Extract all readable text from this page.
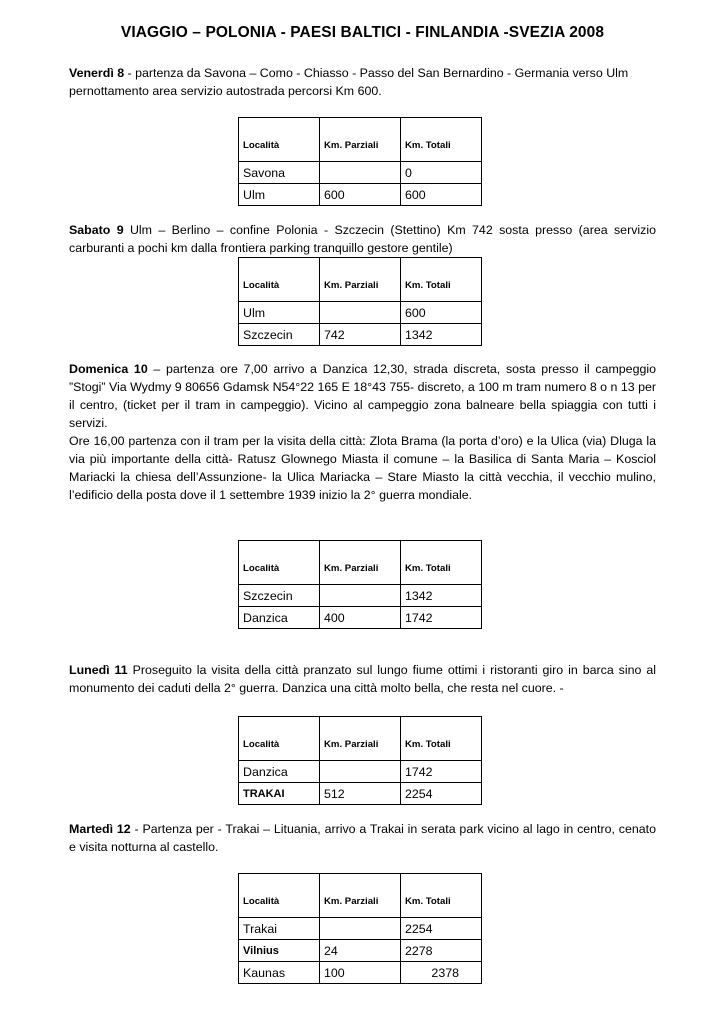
VIAGGIO – POLONIA - PAESI BALTICI - FINLANDIA -SVEZIA 2008
Venerdì 8 - partenza da Savona – Como - Chiasso - Passo del San Bernardino - Germania verso Ulm pernottamento area servizio autostrada percorsi Km 600.
Località	Km. Parziali	Km. Totali
Savona		0
Ulm	600	600
Sabato 9 Ulm – Berlino – confine Polonia - Szczecin (Stettino) Km 742 sosta presso (area servizio carburanti a pochi km dalla frontiera parking tranquillo gestore gentile)
Località	Km. Parziali	Km. Totali
Ulm		600
Szczecin	742	1342
Domenica 10 – partenza ore 7,00 arrivo a Danzica 12,30, strada discreta, sosta presso il campeggio ”Stogi” Via Wydmy 9 80656 Gdamsk N54°22 165 E 18°43 755- discreto, a 100 m tram numero 8 o n 13 per il centro, (ticket per il tram in campeggio). Vicino al campeggio zona balneare bella spiaggia con tutti i servizi.
Ore 16,00 partenza con il tram per la visita della città: Zlota Brama (la porta d’oro) e la Ulica (via) Dluga la via più importante della città- Ratusz Glownego Miasta il comune – la Basilica di Santa Maria – Kosciol Mariacki la chiesa dell’Assunzione- la Ulica Mariacka – Stare Miasto la città vecchia, il vecchio mulino, l’edificio della posta dove il 1 settembre 1939 inizio la 2° guerra mondiale.
Località	Km. Parziali	Km. Totali
Szczecin		1342
Danzica	400	1742
Lunedì 11 Proseguito la visita della città pranzato sul lungo fiume ottimi i ristoranti giro in barca sino al monumento dei caduti della 2° guerra. Danzica una città molto bella, che resta nel cuore. -
Località	Km. Parziali	Km. Totali
Danzica		1742
TRAKAI	512	2254
Martedì 12 - Partenza per - Trakai – Lituania, arrivo a Trakai in serata park vicino al lago in centro, cenato e visita notturna al castello.
Località	Km. Parziali	Km. Totali
Trakai		2254
Vilnius	24	2278
Kaunas	100	2378
